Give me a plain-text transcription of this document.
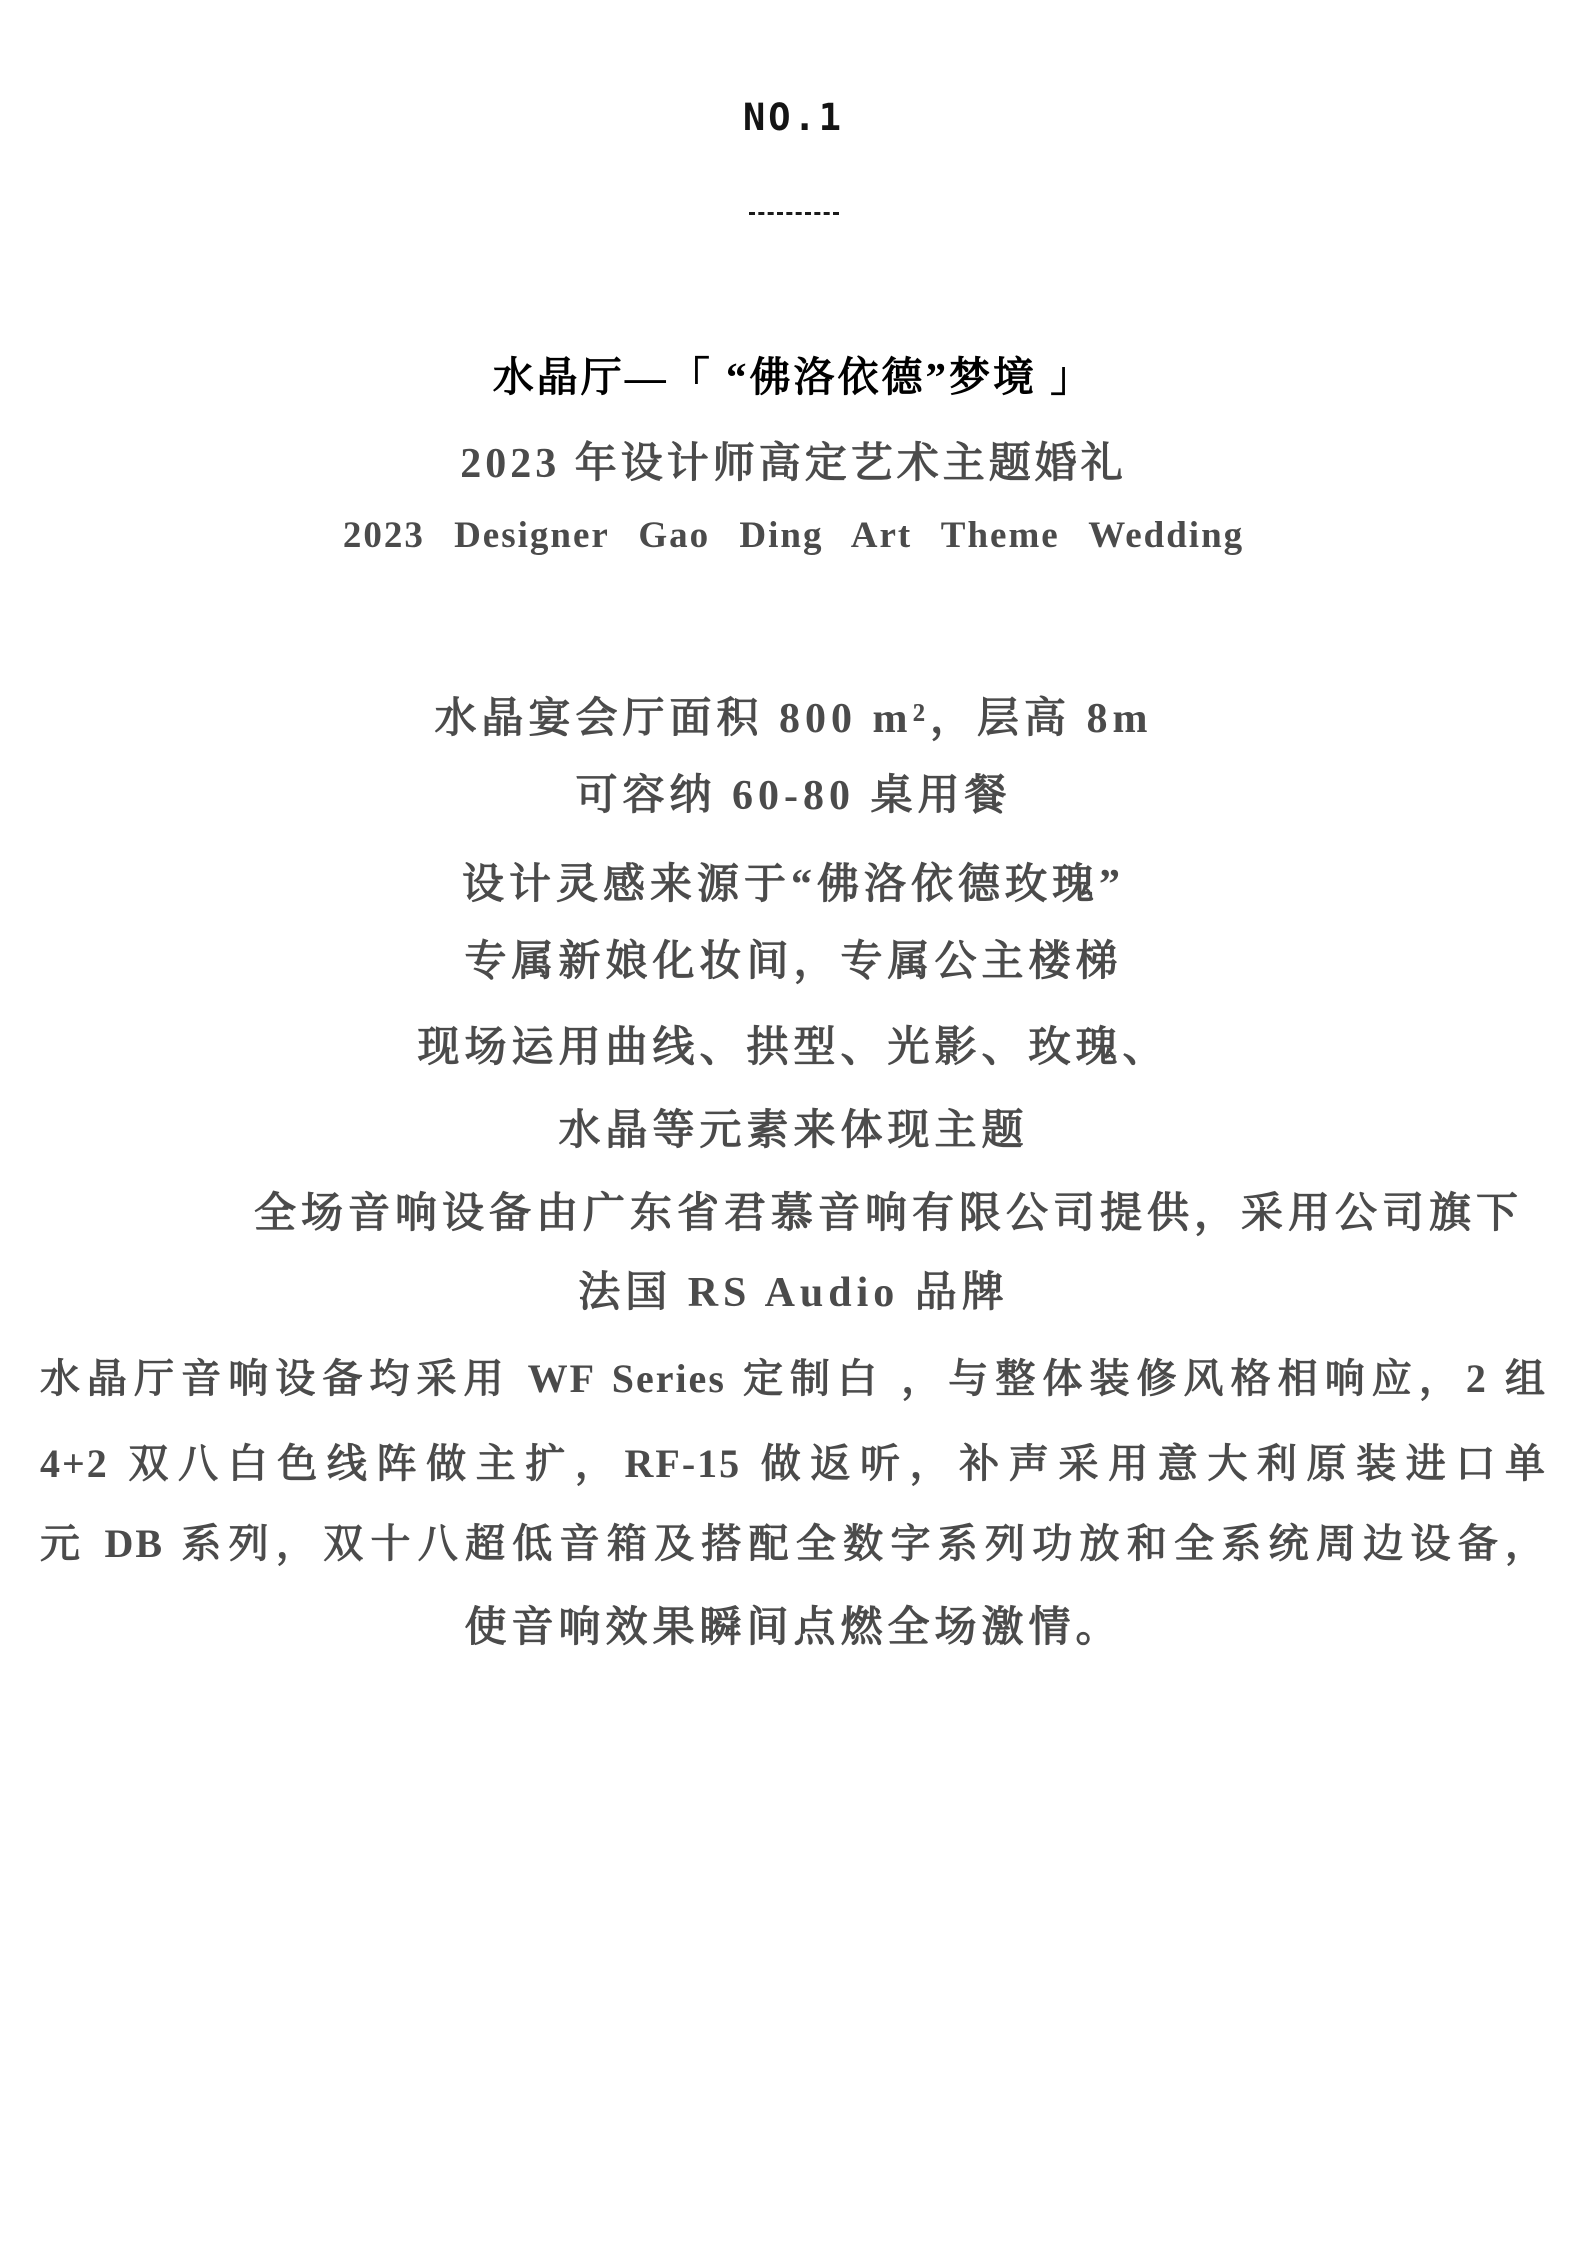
NO.1
水晶厅—「 “佛洛依德”梦境 」
2023 年设计师高定艺术主题婚礼
2023 Designer Gao Ding Art Theme Wedding
水晶宴会厅面积 800 m²，层高 8m
可容纳 60-80 桌用餐
设计灵感来源于“佛洛依德玫瑰”
专属新娘化妆间，专属公主楼梯
现场运用曲线、拱型、光影、玫瑰、
水晶等元素来体现主题
全场音响设备由广东省君慕音响有限公司提供，采用公司旗下
法国 RS Audio 品牌
水晶厅音响设备均采用 WF Series 定制白 ，与整体装修风格相响应，2 组
4+2 双八白色线阵做主扩，RF-15 做返听，补声采用意大利原装进口单
元 DB 系列，双十八超低音箱及搭配全数字系列功放和全系统周边设备，
使音响效果瞬间点燃全场激情。
